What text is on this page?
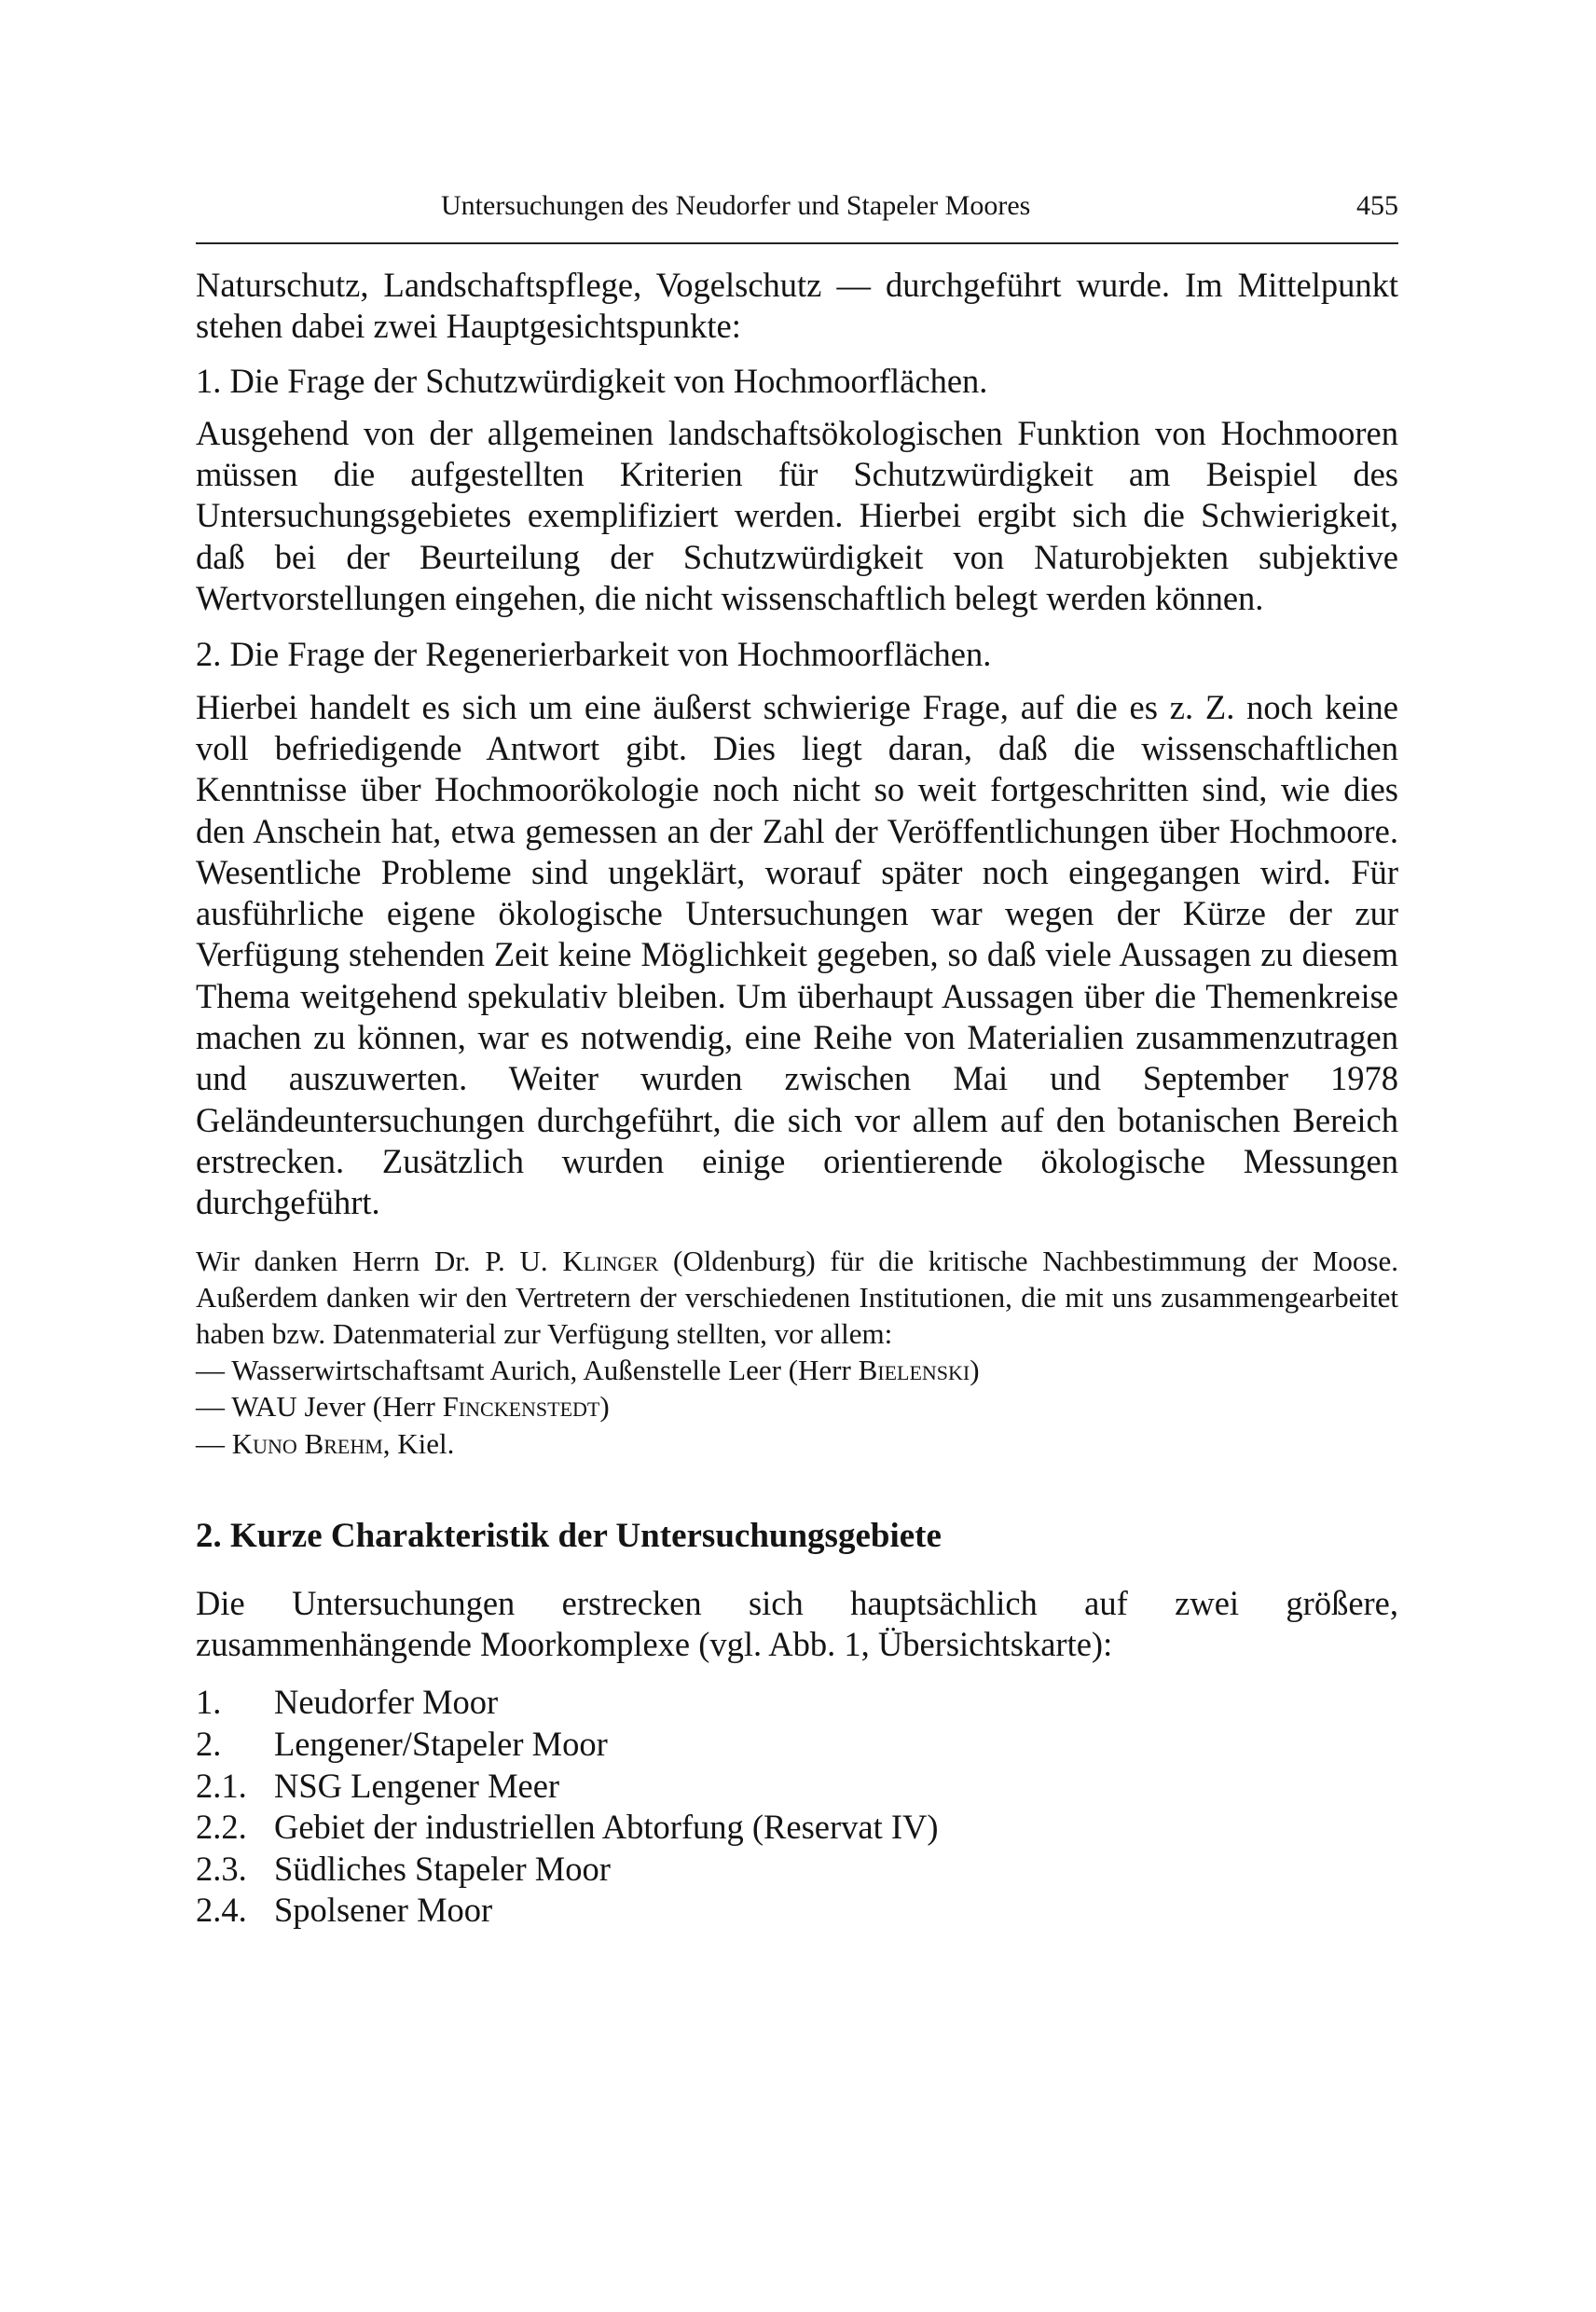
Untersuchungen des Neudorfer und Stapeler Moores	455

Naturschutz, Landschaftspflege, Vogelschutz — durchgeführt wurde. Im Mittelpunkt stehen dabei zwei Hauptgesichtspunkte:

1. Die Frage der Schutzwürdigkeit von Hochmoorflächen.

Ausgehend von der allgemeinen landschaftsökologischen Funktion von Hochmooren müssen die aufgestellten Kriterien für Schutzwürdigkeit am Beispiel des Untersuchungsgebietes exemplifiziert werden. Hierbei ergibt sich die Schwierigkeit, daß bei der Beurteilung der Schutzwürdigkeit von Naturobjekten subjektive Wertvorstellungen eingehen, die nicht wissenschaftlich belegt werden können.

2. Die Frage der Regenerierbarkeit von Hochmoorflächen.

Hierbei handelt es sich um eine äußerst schwierige Frage, auf die es z. Z. noch keine voll befriedigende Antwort gibt. Dies liegt daran, daß die wissenschaftlichen Kenntnisse über Hochmoorökologie noch nicht so weit fortgeschritten sind, wie dies den Anschein hat, etwa gemessen an der Zahl der Veröffentlichungen über Hochmoore. Wesentliche Probleme sind ungeklärt, worauf später noch eingegangen wird. Für ausführliche eigene ökologische Untersuchungen war wegen der Kürze der zur Verfügung stehenden Zeit keine Möglichkeit gegeben, so daß viele Aussagen zu diesem Thema weitgehend spekulativ bleiben. Um überhaupt Aussagen über die Themenkreise machen zu können, war es notwendig, eine Reihe von Materialien zusammenzutragen und auszuwerten. Weiter wurden zwischen Mai und September 1978 Geländeuntersuchungen durchgeführt, die sich vor allem auf den botanischen Bereich erstrecken. Zusätzlich wurden einige orientierende ökologische Messungen durchgeführt.

Wir danken Herrn Dr. P. U. Klinger (Oldenburg) für die kritische Nachbestimmung der Moose. Außerdem danken wir den Vertretern der verschiedenen Institutionen, die mit uns zusammengearbeitet haben bzw. Datenmaterial zur Verfügung stellten, vor allem:

— Wasserwirtschaftsamt Aurich, Außenstelle Leer (Herr Bielenski)

— WAU Jever (Herr Finckenstedt)

— Kuno Brehm, Kiel.

2. Kurze Charakteristik der Untersuchungsgebiete

Die Untersuchungen erstrecken sich hauptsächlich auf zwei größere, zusammenhängende Moorkomplexe (vgl. Abb. 1, Übersichtskarte):

1.	Neudorfer Moor
2.	Lengener/Stapeler Moor
2.1. NSG Lengener Meer
2.2. Gebiet der industriellen Abtorfung (Reservat IV)
2.3. Südliches Stapeler Moor
2.4. Spolsener Moor
